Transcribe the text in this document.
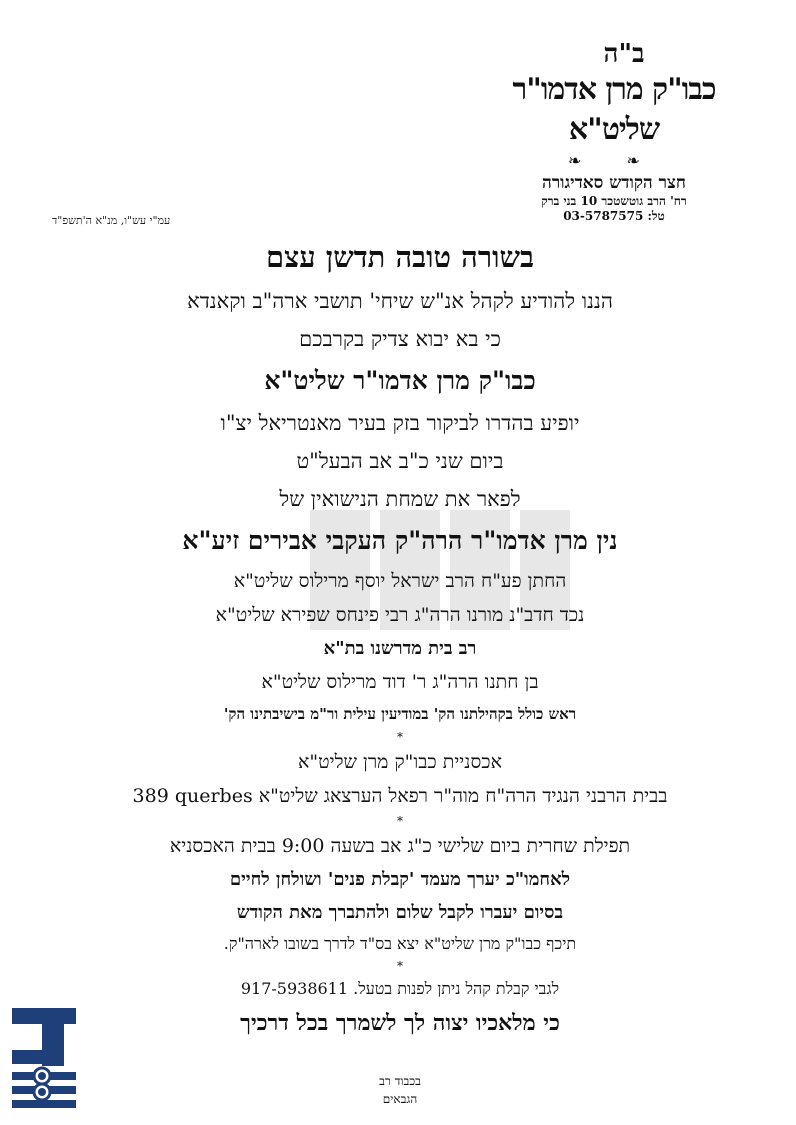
ב"ה
כבו"ק מרן אדמו"ר שליט"א
❧ ❧
חצר הקודש סאדיגורה
רח' הרב גוטשטכר 10 בני ברק
טל: 03-5787575
עמ"י עש"ו, מנ"א ה'תשפ"ד
בשורה טובה תדשן עצם
הננו להודיע לקהל אנ"ש שיחי' תושבי ארה"ב וקאנדא
כי בא יבוא צדיק בקרבכם
כבו"ק מרן אדמו"ר שליט"א
יופיע בהדרו לביקור בזק בעיר מאנטריאל יצ"ו
ביום שני כ"ב אב הבעל"ט
לפאר את שמחת הנישואין של
נין מרן אדמו"ר הרה"ק העקבי אבירים זיע"א
החתן פע"ח הרב ישראל יוסף מרילוס שליט"א
נכד חדב"נ מורנו הרה"ג רבי פינחס שפירא שליט"א
רב בית מדרשנו בת"א
בן חתנו הרה"ג ר' דוד מרילוס שליט"א
ראש כולל בקהילתנו הק' במודיעין עילית ור"מ בישיבתינו הק'
*
אכסניית כבו"ק מרן שליט"א
בבית הרבני הנגיד הרה"ח מוה"ר רפאל הערצאג שליט"א 389 querbes
*
תפילת שחרית ביום שלישי כ"ג אב בשעה 9:00 בבית האכסניא
לאחמו"כ יערך מעמד 'קבלת פנים' ושולחן לחיים
בסיום יעברו לקבל שלום ולהתברך מאת הקודש
תיכף כבו"ק מרן שליט"א יצא בס"ד לדרך בשובו לארה"ק.
*
לגבי קבלת קהל ניתן לפנות בטעל. 917-5938611
כי מלאכיו יצוה לך לשמרך בכל דרכיך
בכבוד רב
הגבאים
